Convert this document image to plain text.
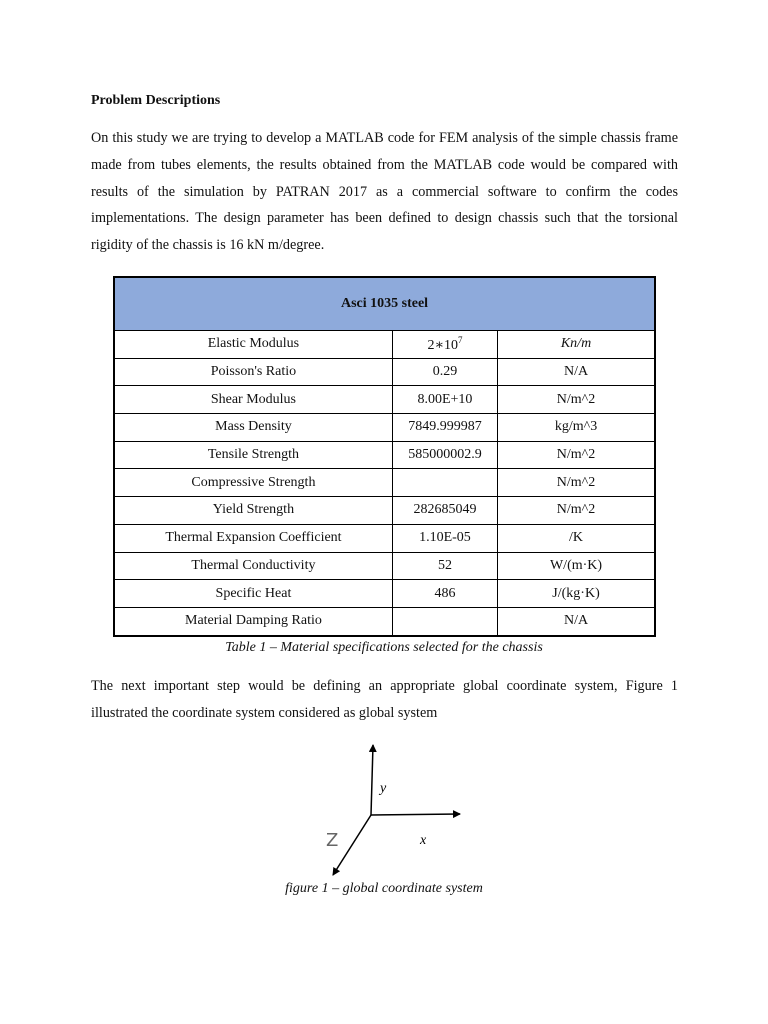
Problem Descriptions

On this study we are trying to develop a MATLAB code for FEM analysis of the simple chassis frame made from tubes elements, the results obtained from the MATLAB code would be compared with results of the simulation by PATRAN 2017 as a commercial software to confirm the codes implementations. The design parameter has been defined to design chassis such that the torsional rigidity of the chassis is 16 kN m/degree.

Asci 1035 steel		
Elastic Modulus	$2∗10^7$	Kn/m
Poisson's Ratio	0.29	N/A
Shear Modulus	8.00E+10	N/m^2
Mass Density	7849.999987	kg/m^3
Tensile Strength	585000002.9	N/m^2
Compressive Strength		N/m^2
Yield Strength	282685049	N/m^2
Thermal Expansion Coefficient	1.10E-05	/K
Thermal Conductivity	52	W/(m·K)
Specific Heat	486	J/(kg·K)
Material Damping Ratio		N/A
Table 1 – Material specifications selected for the chassis

The next important step would be defining an appropriate global coordinate system, Figure 1 illustrated the coordinate system considered as global system

y
x
Z
figure 1 – global coordinate system
